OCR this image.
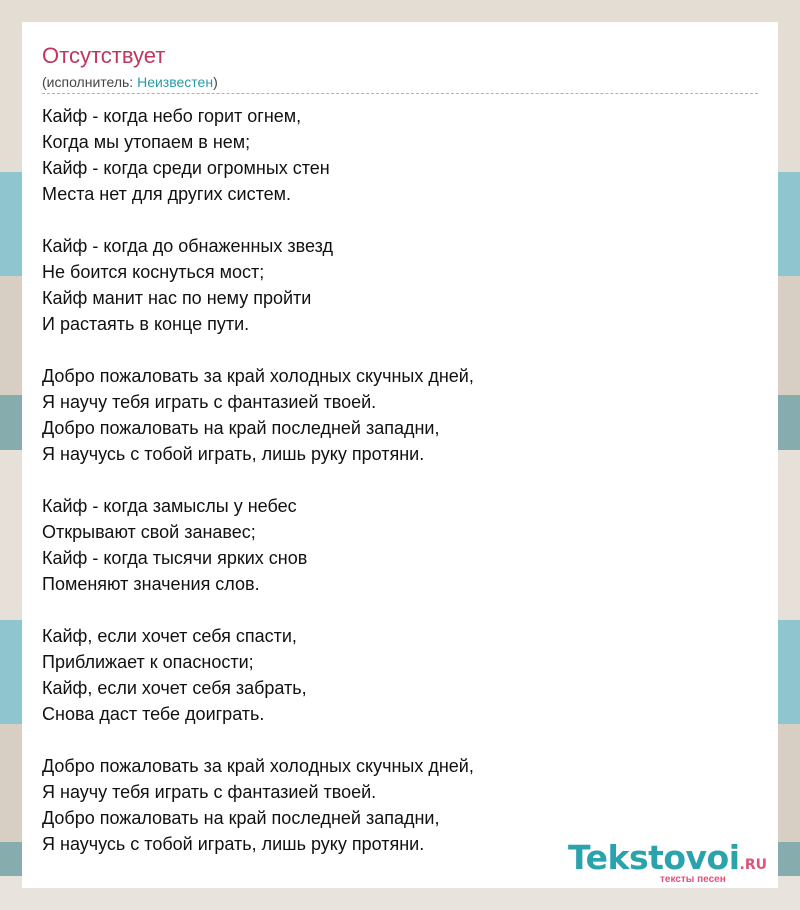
Отсутствует
(исполнитель: Неизвестен)
Кайф - когда небо горит огнем,
Когда мы утопаем в нем;
Кайф - когда среди огромных стен
Места нет для других систем.
Кайф - когда до обнаженных звезд
Не боится коснуться мост;
Кайф манит нас по нему пройти
И растаять в конце пути.
Добро пожаловать за край холодных скучных дней,
Я научу тебя играть с фантазией твоей.
Добро пожаловать на край последней западни,
Я научусь с тобой играть, лишь руку протяни.
Кайф - когда замыслы у небес
Открывают свой занавес;
Кайф - когда тысячи ярких снов
Поменяют значения слов.
Кайф, если хочет себя спасти,
Приближает к опасности;
Кайф, если хочет себя забрать,
Снова даст тебе доиграть.
Добро пожаловать за край холодных скучных дней,
Я научу тебя играть с фантазией твоей.
Добро пожаловать на край последней западни,
Я научусь с тобой играть, лишь руку протяни.	Tekstovoi.RU
тексты песен
